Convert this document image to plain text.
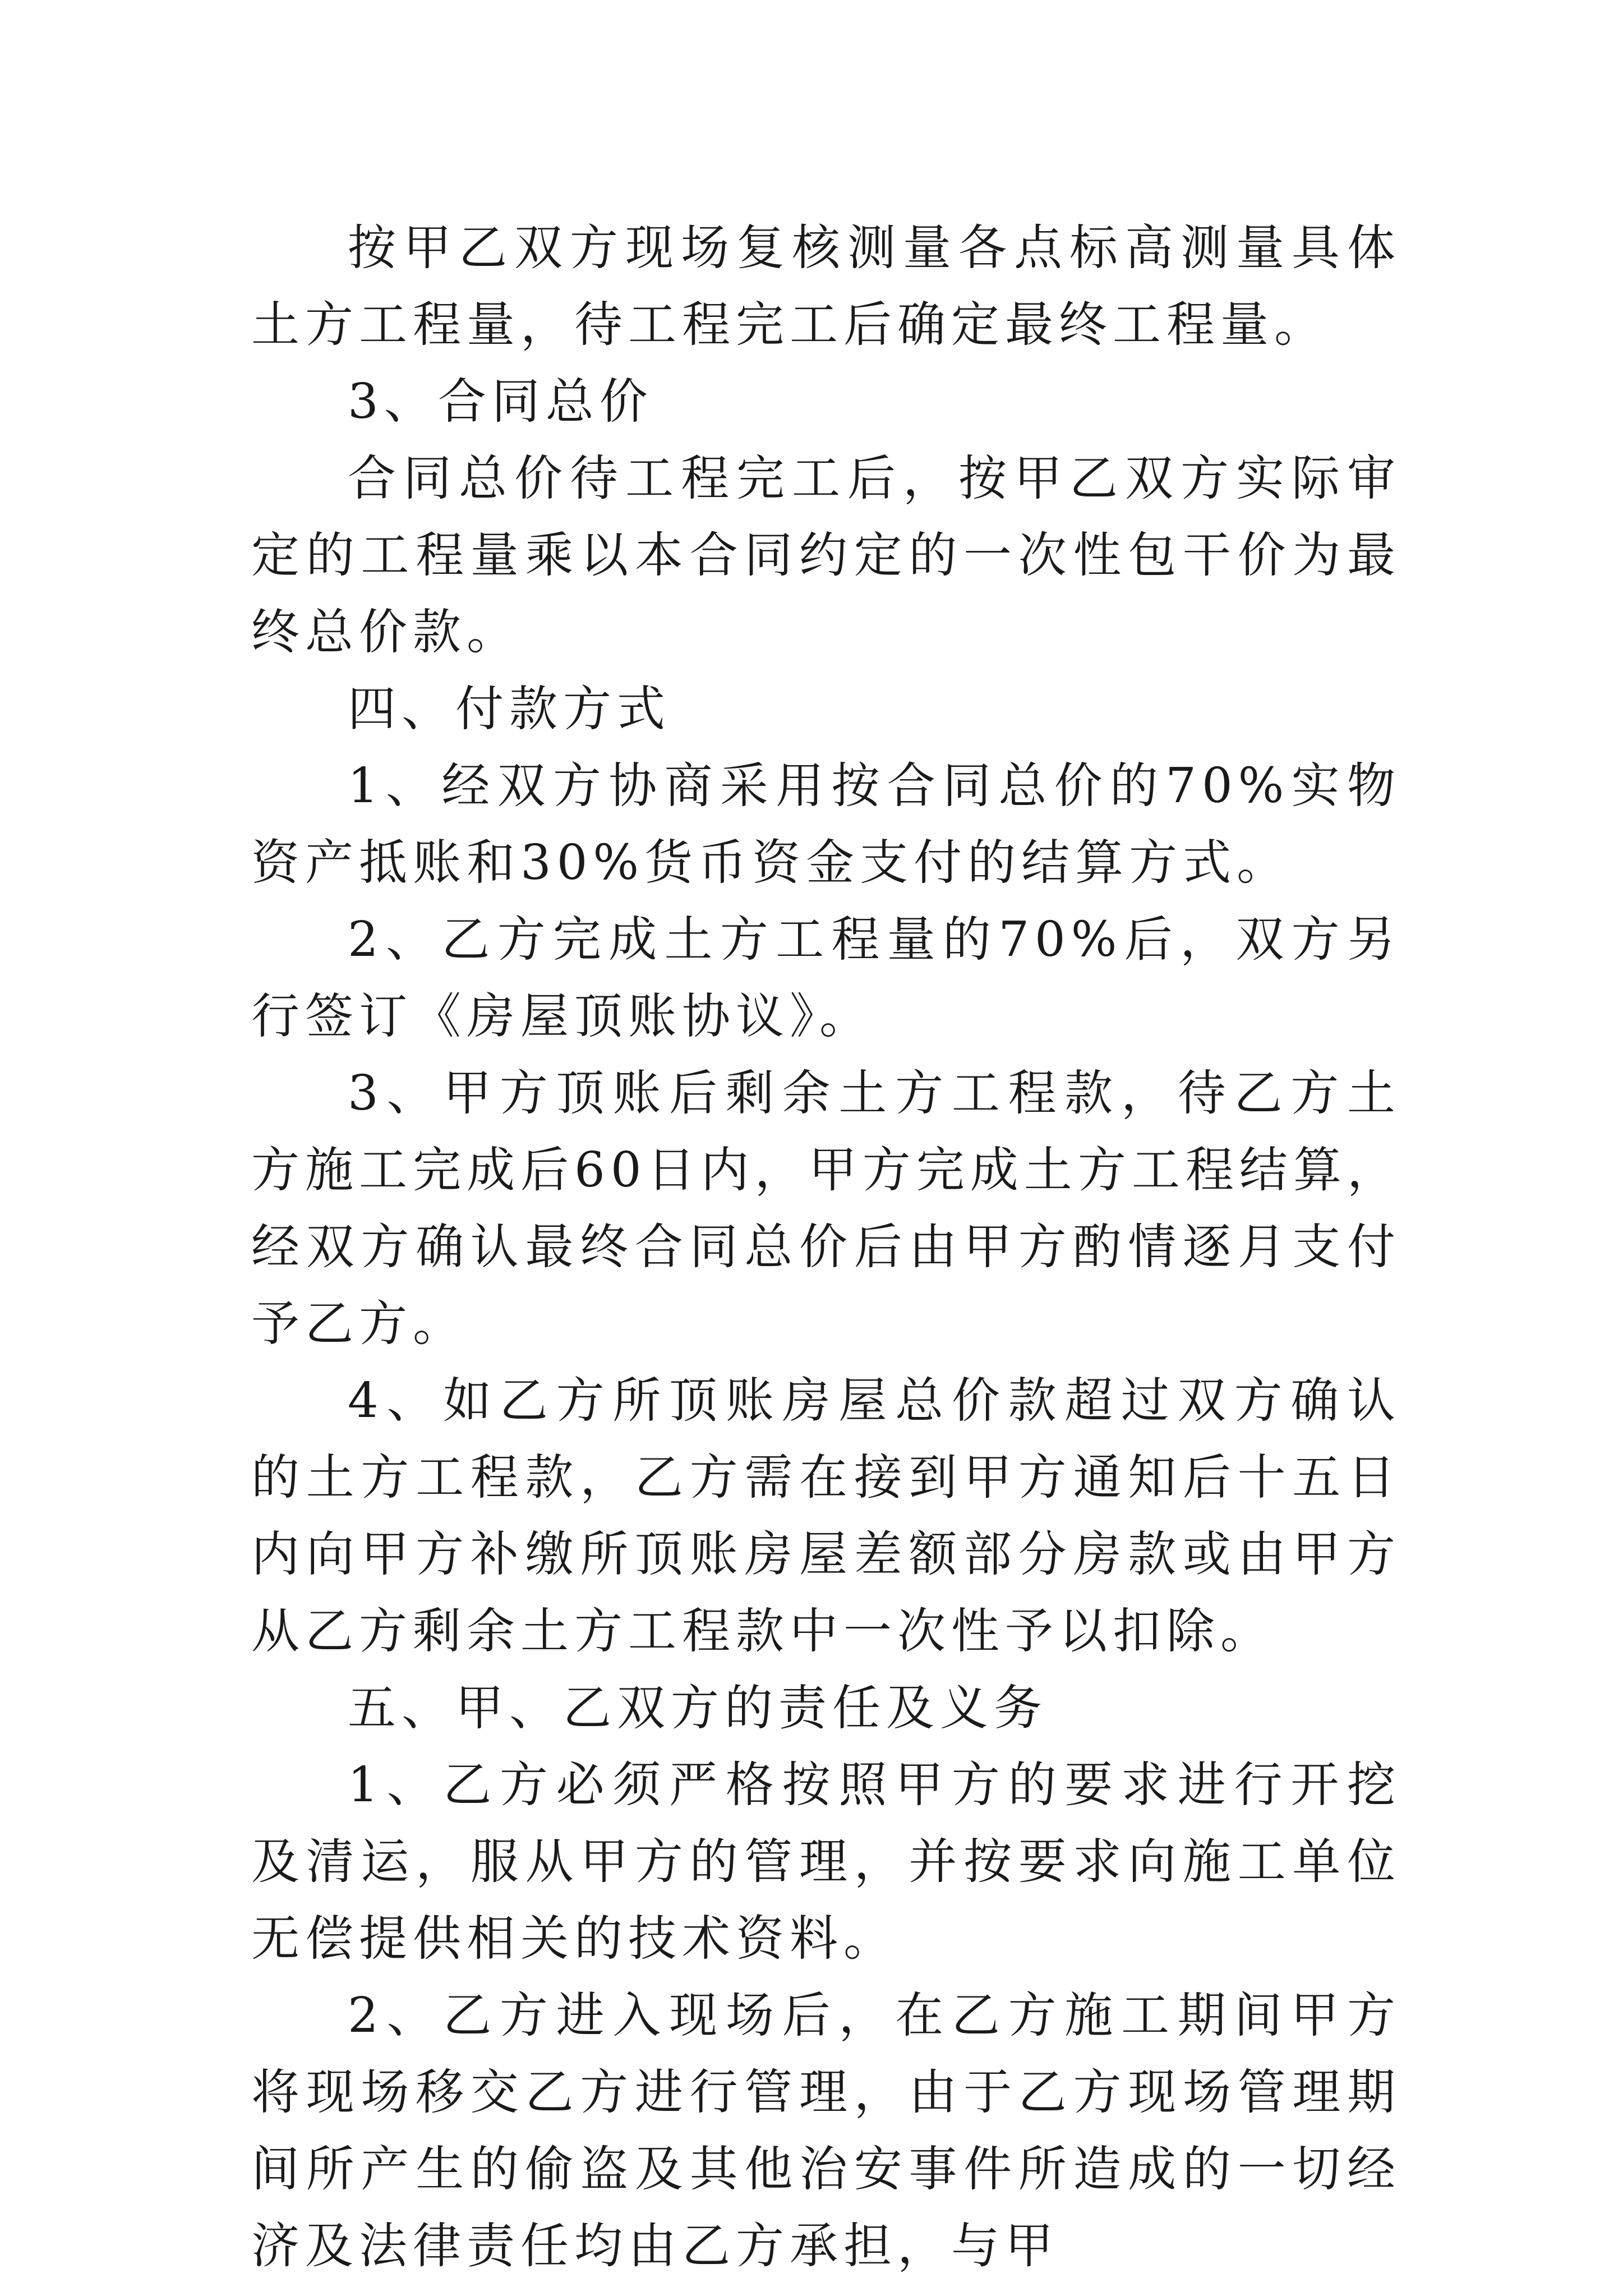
按甲乙双方现场复核测量各点标高测量具体土方工程量，待工程完工后确定最终工程量。

3、合同总价

合同总价待工程完工后，按甲乙双方实际审定的工程量乘以本合同约定的一次性包干价为最终总价款。

四、付款方式

1、经双方协商采用按合同总价的70%实物资产抵账和30%货币资金支付的结算方式。

2、乙方完成土方工程量的70%后，双方另行签订《房屋顶账协议》。

3、甲方顶账后剩余土方工程款，待乙方土方施工完成后60日内，甲方完成土方工程结算，经双方确认最终合同总价后由甲方酌情逐月支付予乙方。

4、如乙方所顶账房屋总价款超过双方确认的土方工程款，乙方需在接到甲方通知后十五日内向甲方补缴所顶账房屋差额部分房款或由甲方从乙方剩余土方工程款中一次性予以扣除。

五、甲、乙双方的责任及义务

1、乙方必须严格按照甲方的要求进行开挖及清运，服从甲方的管理，并按要求向施工单位无偿提供相关的技术资料。

2、乙方进入现场后，在乙方施工期间甲方将现场移交乙方进行管理，由于乙方现场管理期间所产生的偷盗及其他治安事件所造成的一切经济及法律责任均由乙方承担，与甲
